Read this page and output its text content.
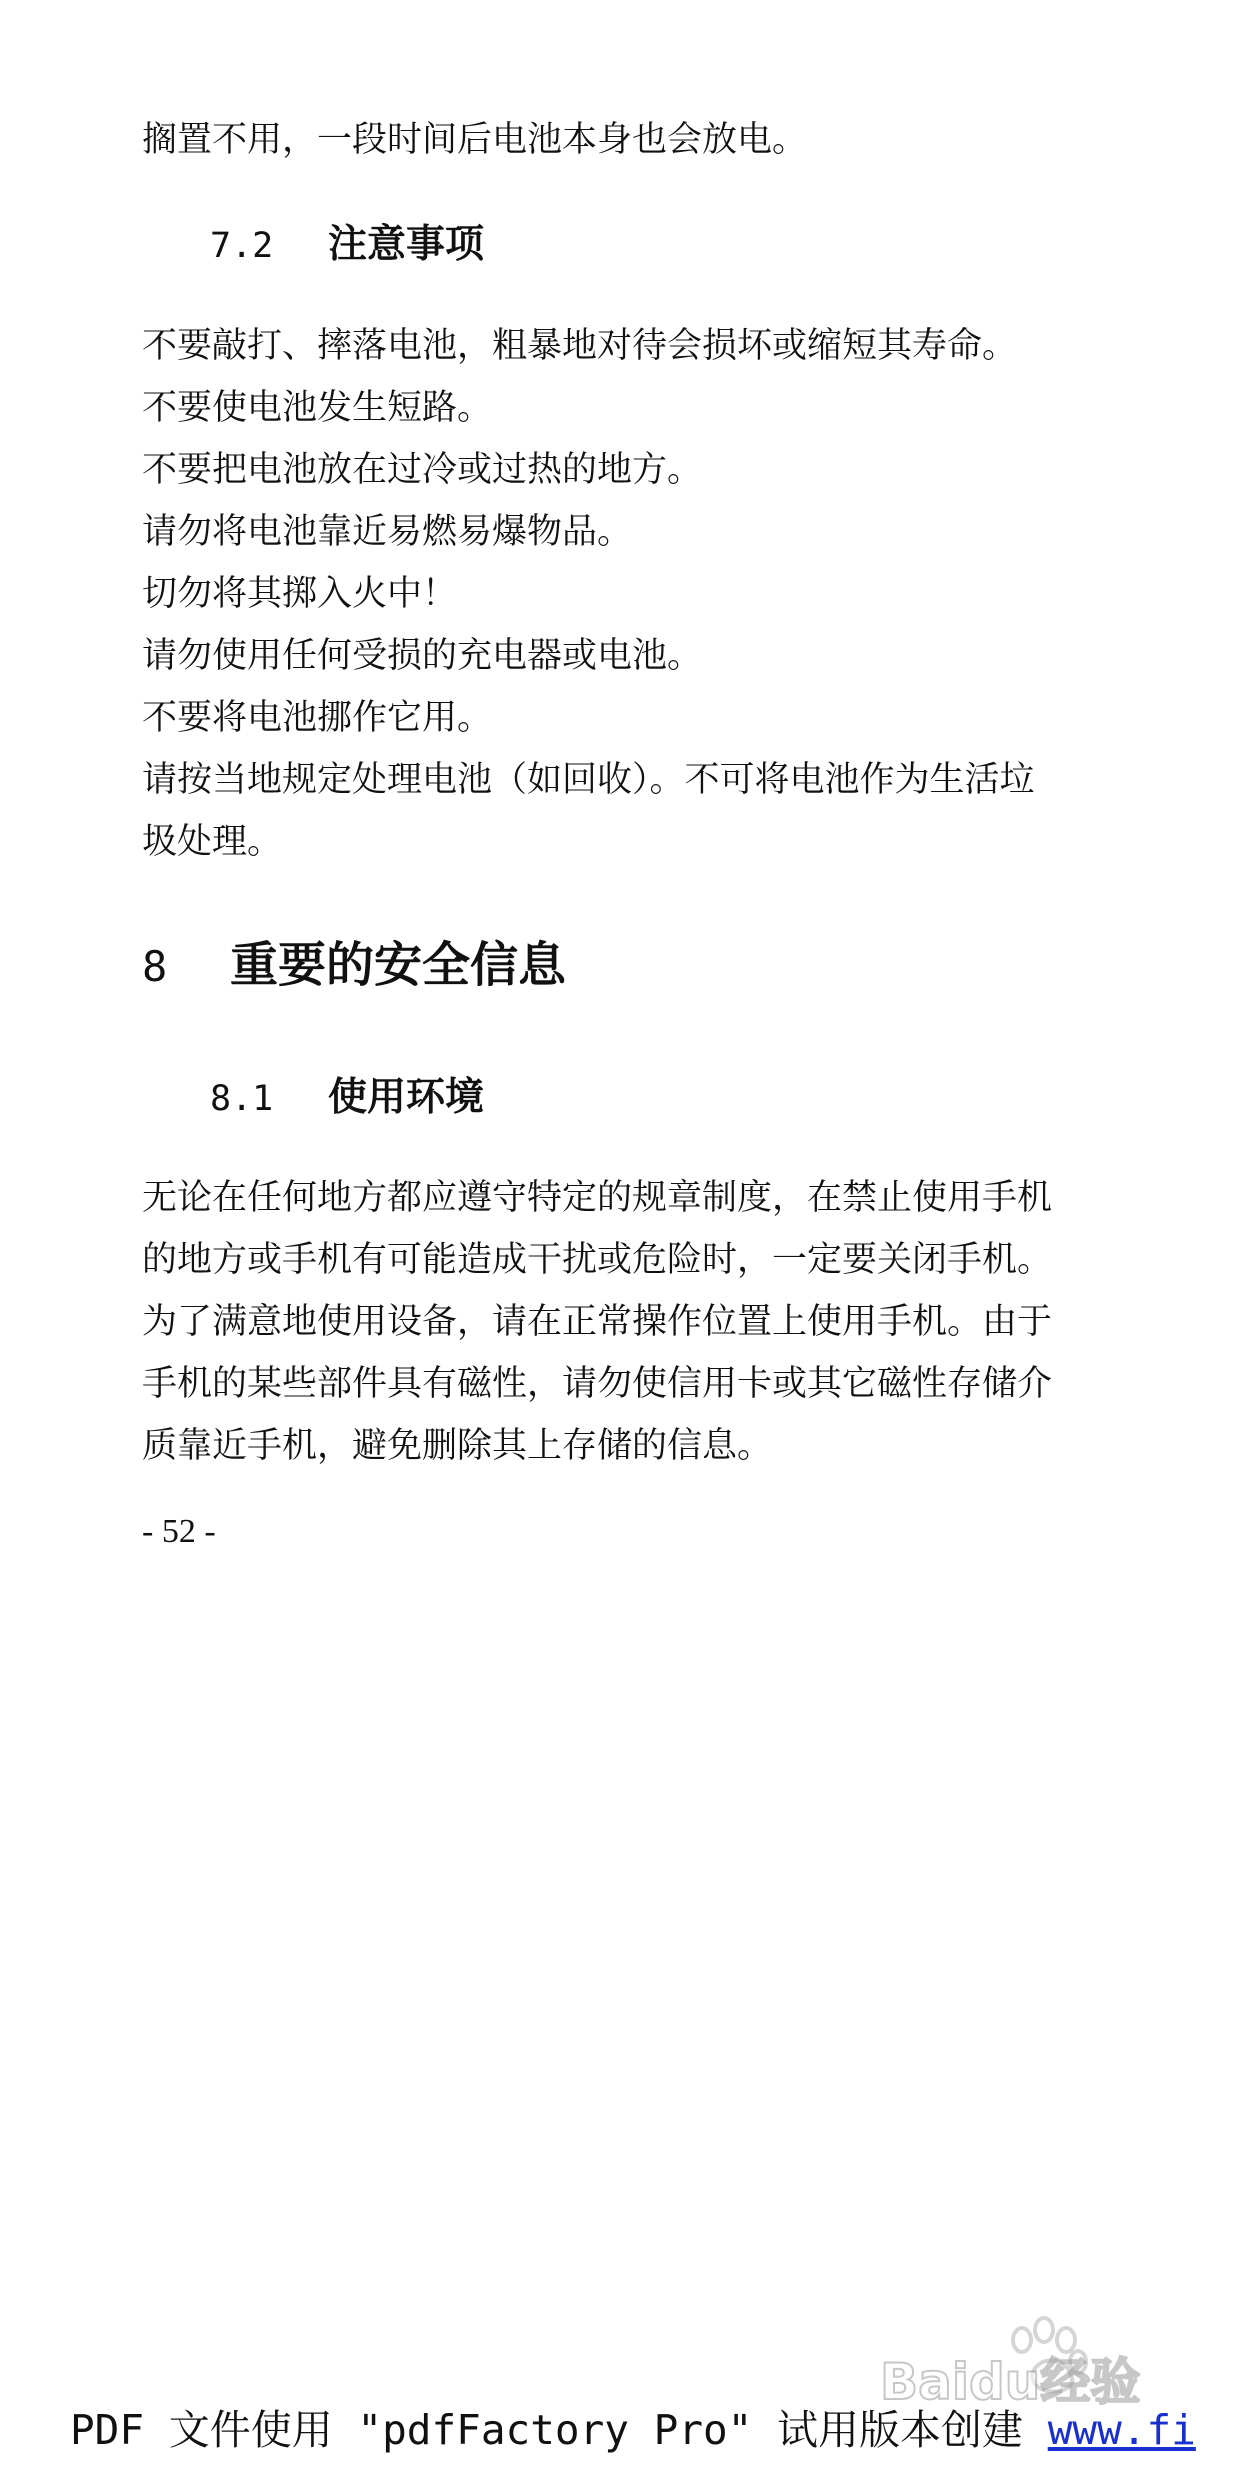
搁置不用，一段时间后电池本身也会放电。
7.2 注意事项
不要敲打、摔落电池，粗暴地对待会损坏或缩短其寿命。
不要使电池发生短路。
不要把电池放在过冷或过热的地方。
请勿将电池靠近易燃易爆物品。
切勿将其掷入火中！
请勿使用任何受损的充电器或电池。
不要将电池挪作它用。
请按当地规定处理电池（如回收）。不可将电池作为生活垃
圾处理。
8 重要的安全信息
8.1 使用环境
无论在任何地方都应遵守特定的规章制度，在禁止使用手机
的地方或手机有可能造成干扰或危险时，一定要关闭手机。
为了满意地使用设备，请在正常操作位置上使用手机。由于
手机的某些部件具有磁性，请勿使信用卡或其它磁性存储介
质靠近手机，避免删除其上存储的信息。
- 52 -
Baidu经验
PDF 文件使用 "pdfFactory Pro" 试用版本创建 www.fi
